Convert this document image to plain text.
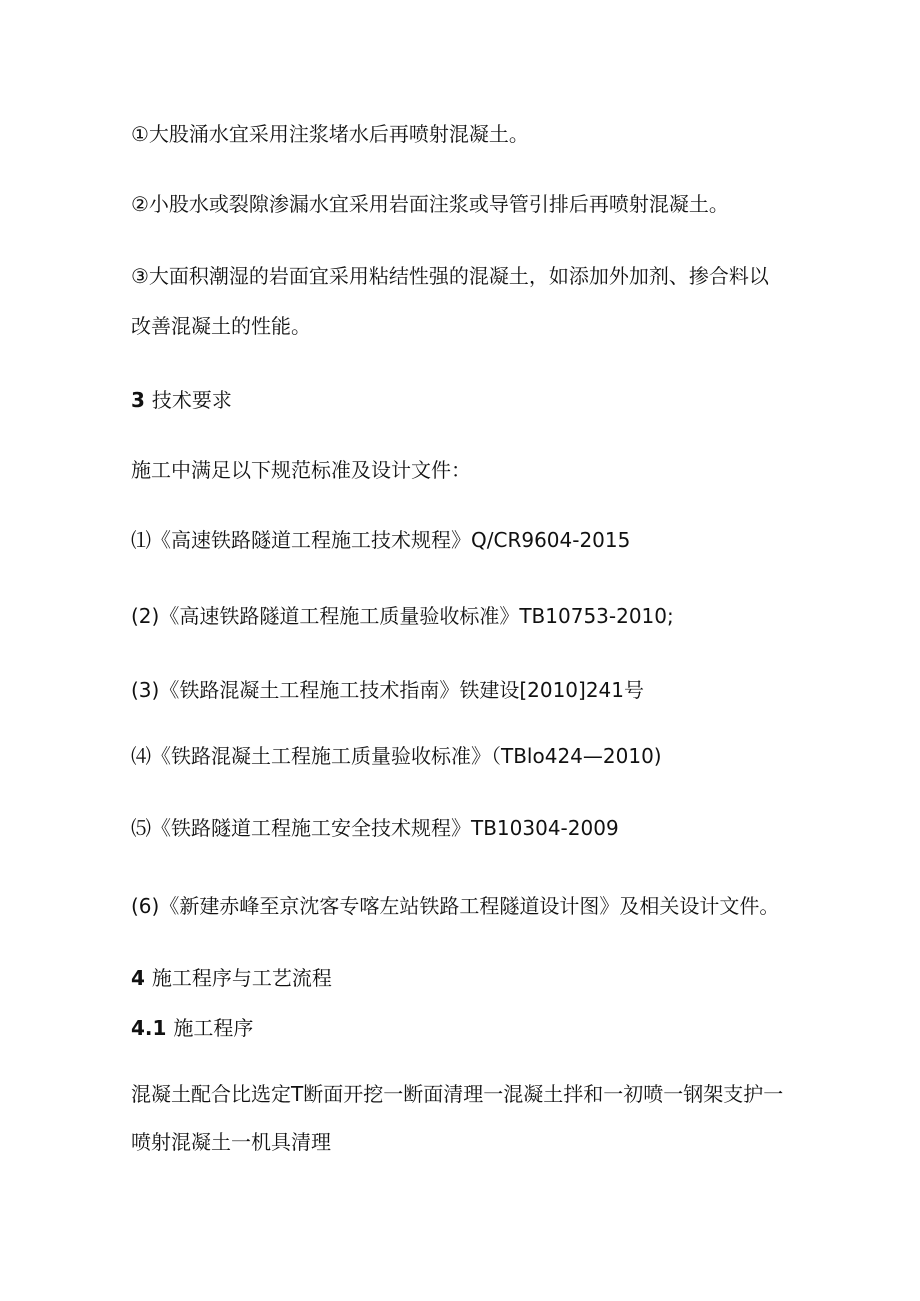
①大股涌水宜采用注浆堵水后再喷射混凝土。

②小股水或裂隙渗漏水宜采用岩面注浆或导管引排后再喷射混凝土。

③大面积潮湿的岩面宜采用粘结性强的混凝土，如添加外加剂、掺合料以

改善混凝土的性能。

3 技术要求

施工中满足以下规范标准及设计文件：

⑴《高速铁路隧道工程施工技术规程》Q/CR9604-2015

(2)《高速铁路隧道工程施工质量验收标准》TB10753-2010;

(3)《铁路混凝土工程施工技术指南》铁建设[2010]241号

⑷《铁路混凝土工程施工质量验收标准》（TBlo424—2010)

⑸《铁路隧道工程施工安全技术规程》TB10304-2009

(6)《新建赤峰至京沈客专喀左站铁路工程隧道设计图》及相关设计文件。

4 施工程序与工艺流程

4.1 施工程序

混凝土配合比选定T断面开挖一断面清理一混凝土拌和一初喷一钢架支护一

喷射混凝土一机具清理
